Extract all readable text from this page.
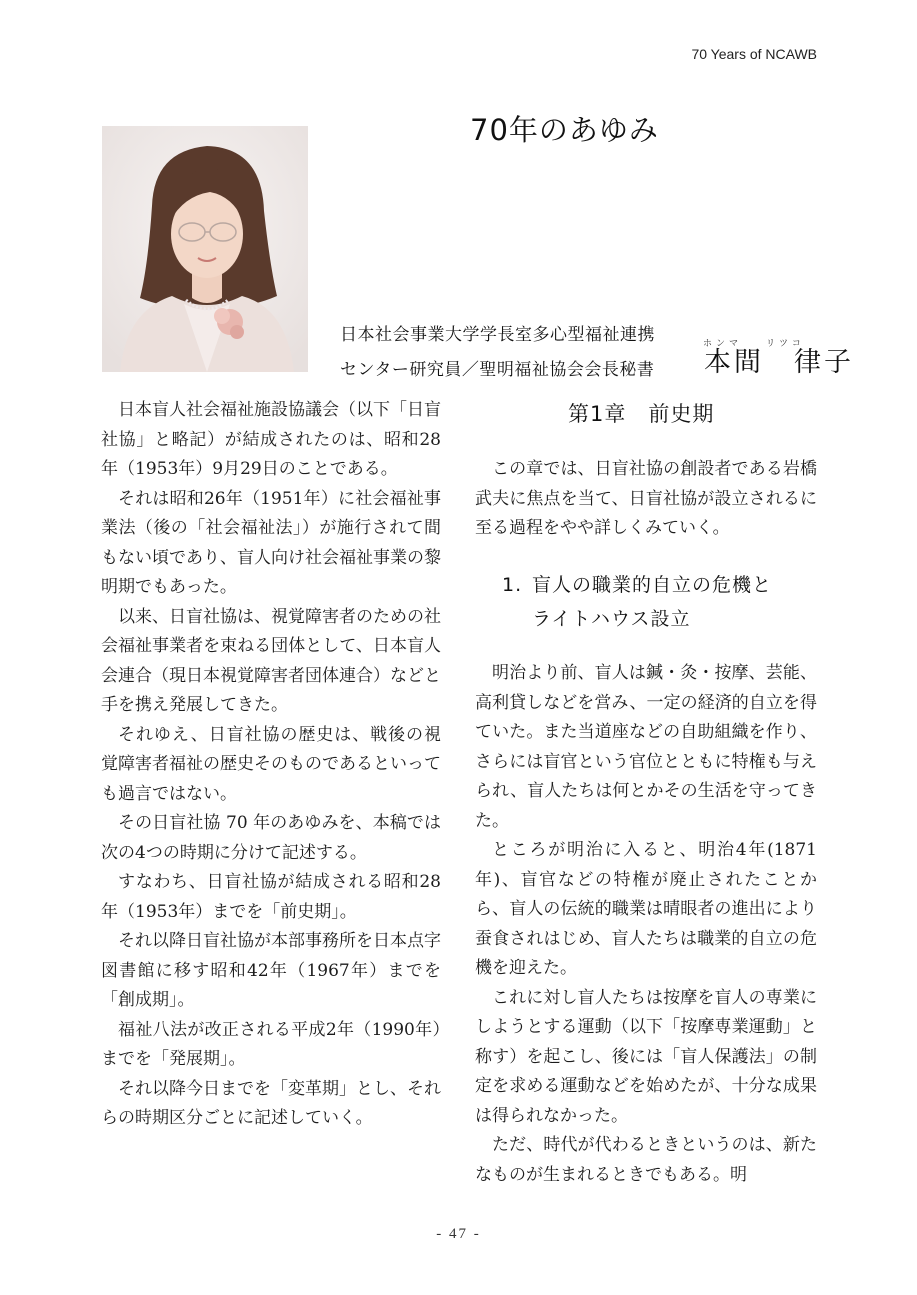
70 Years of NCAWB
70年のあゆみ
日本社会事業大学学長室多心型福祉連携
センター研究員／聖明福祉協会会長秘書
ホンマ	リツコ
本間　律子

日本盲人社会福祉施設協議会（以下「日盲社協」と略記）が結成されたのは、昭和28年（1953年）9月29日のことである。

それは昭和26年（1951年）に社会福祉事業法（後の「社会福祉法」）が施行されて間もない頃であり、盲人向け社会福祉事業の黎明期でもあった。

以来、日盲社協は、視覚障害者のための社会福祉事業者を束ねる団体として、日本盲人会連合（現日本視覚障害者団体連合）などと手を携え発展してきた。

それゆえ、日盲社協の歴史は、戦後の視覚障害者福祉の歴史そのものであるといっても過言ではない。

その日盲社協 70 年のあゆみを、本稿では次の4つの時期に分けて記述する。

すなわち、日盲社協が結成される昭和28年（1953年）までを「前史期」。

それ以降日盲社協が本部事務所を日本点字図書館に移す昭和42年（1967年）までを「創成期」。

福祉八法が改正される平成2年（1990年）までを「発展期」。

それ以降今日までを「変革期」とし、それらの時期区分ごとに記述していく。

第1章　前史期

この章では、日盲社協の創設者である岩橋武夫に焦点を当て、日盲社協が設立されるに至る過程をやや詳しくみていく。

1. 盲人の職業的自立の危機と
ライトハウス設立

明治より前、盲人は鍼・灸・按摩、芸能、高利貸しなどを営み、一定の経済的自立を得ていた。また当道座などの自助組織を作り、さらには盲官という官位とともに特権も与えられ、盲人たちは何とかその生活を守ってきた。

ところが明治に入ると、明治4年(1871年)、盲官などの特権が廃止されたことから、盲人の伝統的職業は晴眼者の進出により蚕食されはじめ、盲人たちは職業的自立の危機を迎えた。

これに対し盲人たちは按摩を盲人の専業にしようとする運動（以下「按摩専業運動」と称す）を起こし、後には「盲人保護法」の制定を求める運動などを始めたが、十分な成果は得られなかった。

ただ、時代が代わるときというのは、新たなものが生まれるときでもある。明

- 47 -
